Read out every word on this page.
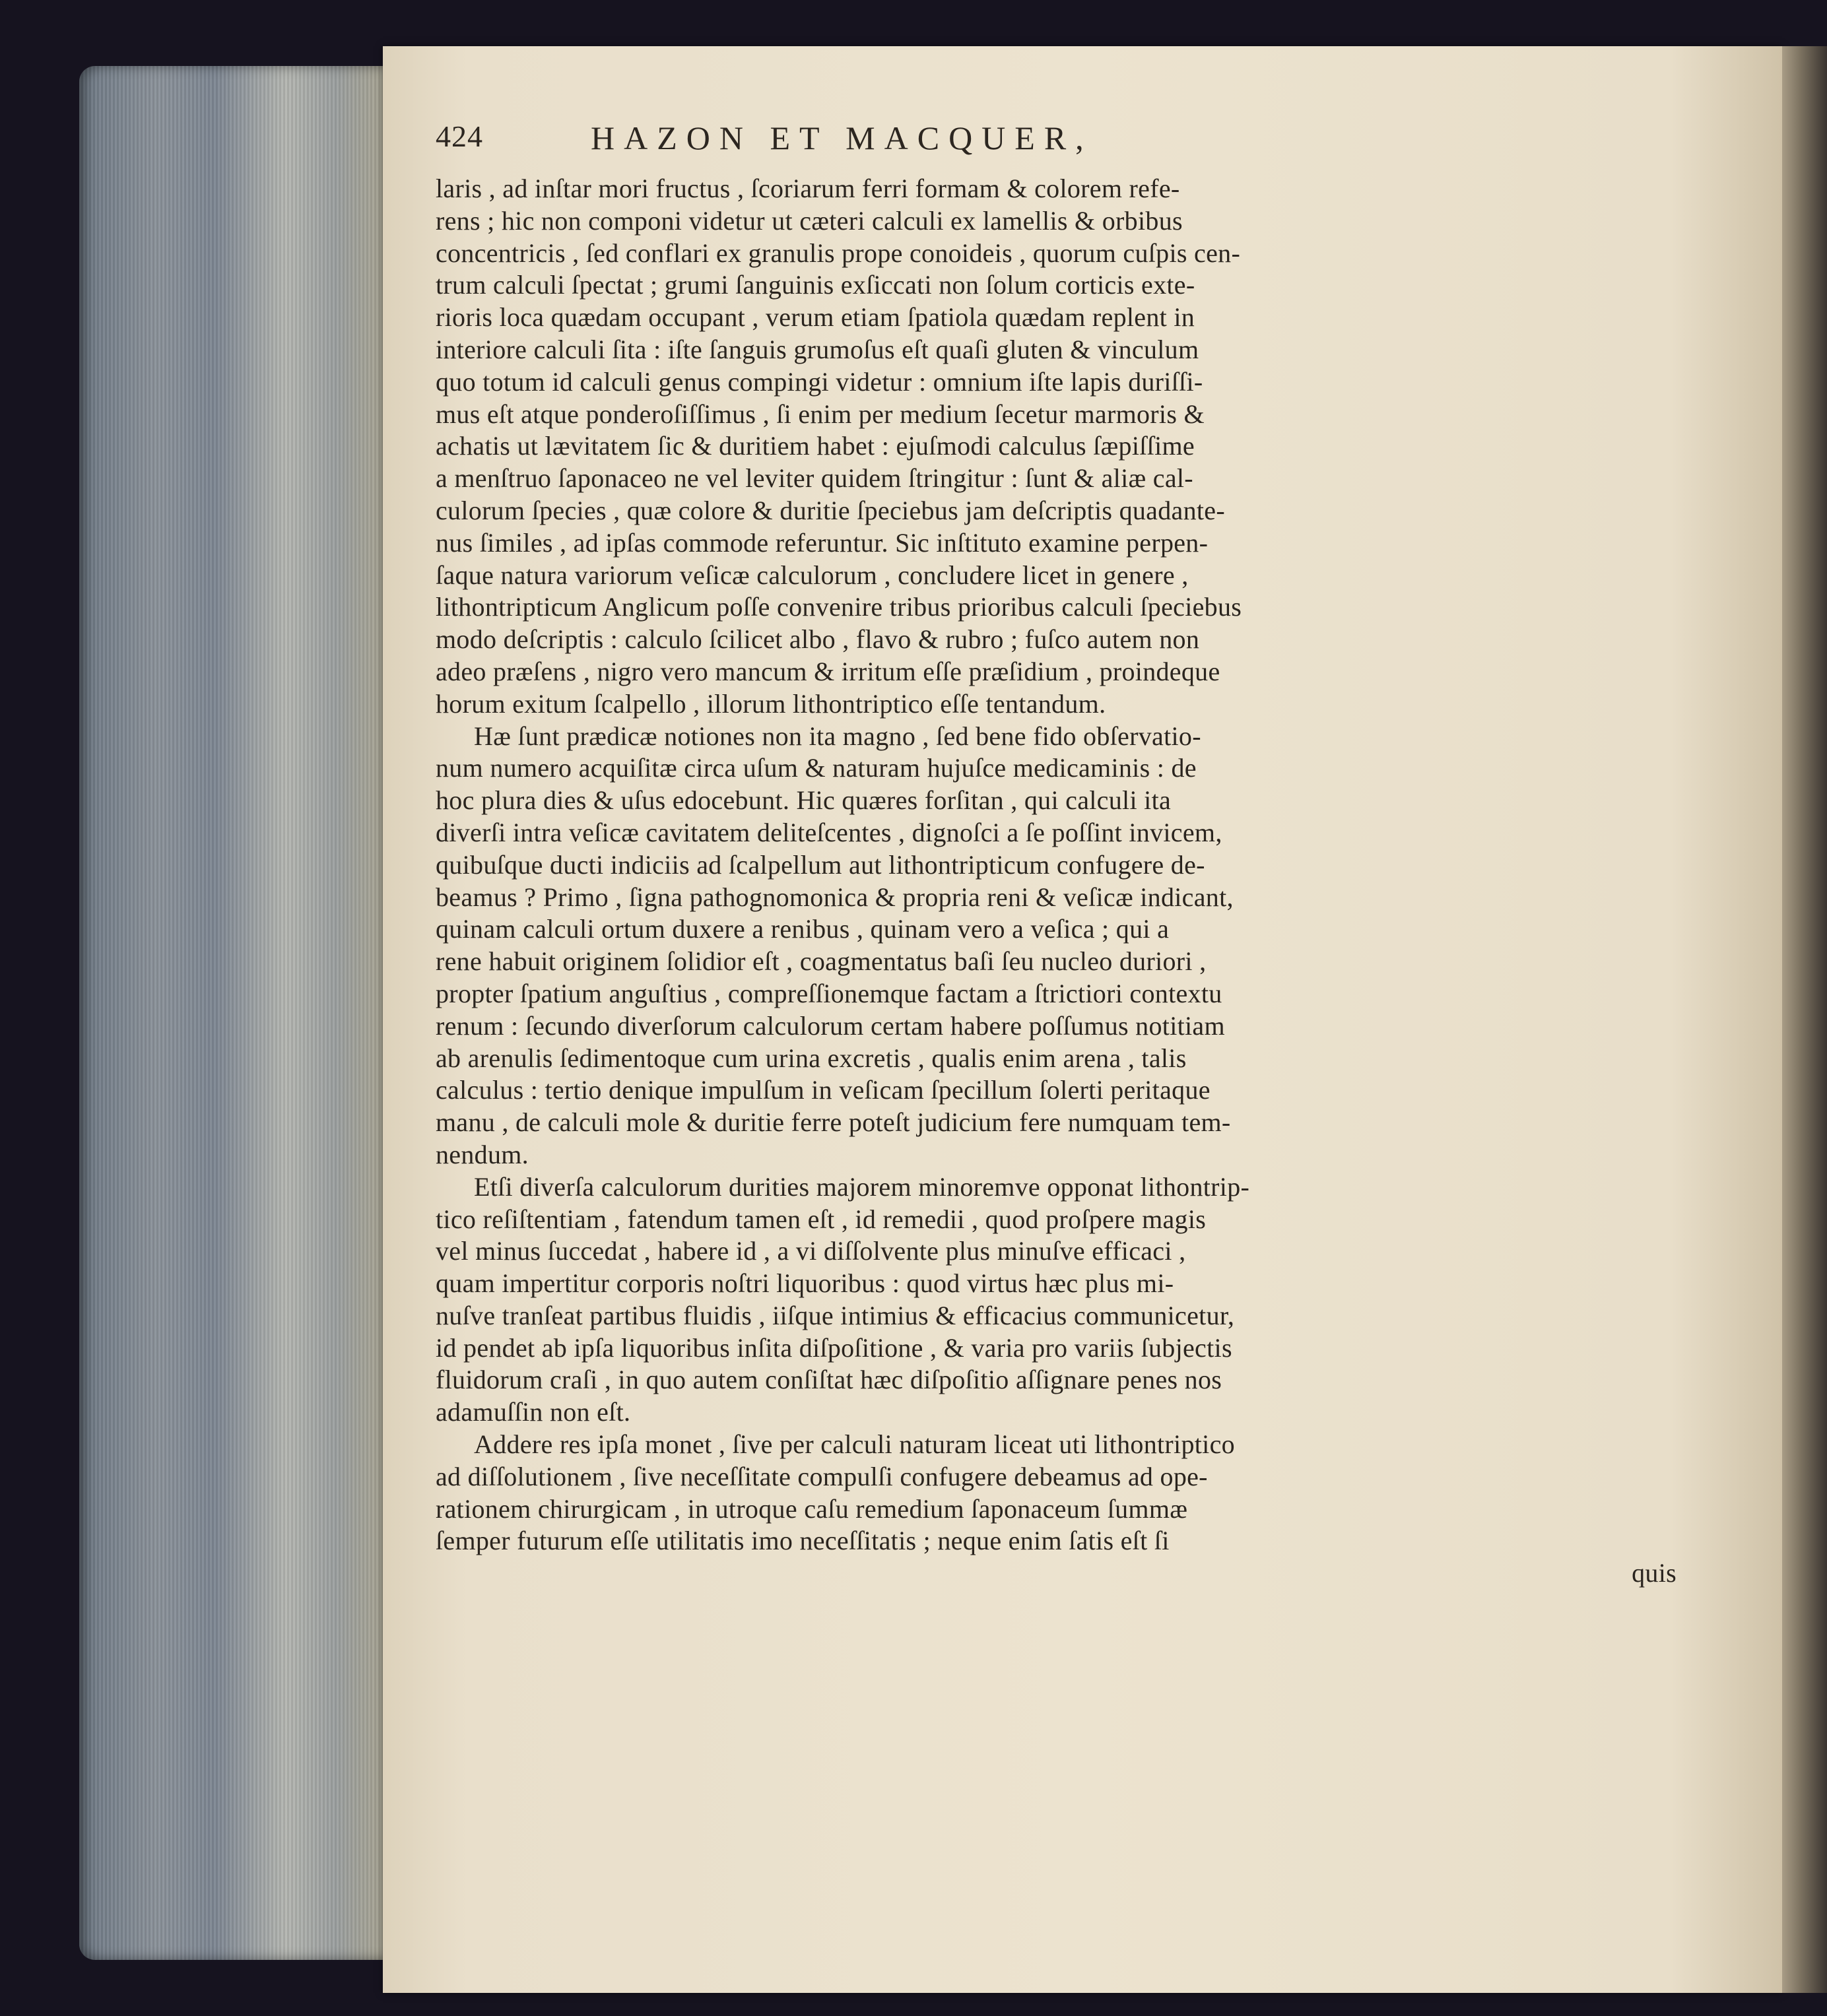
424	HAZON ET MACQUER,
laris , ad inſtar mori fructus , ſcoriarum ferri formam & colorem refe-
rens ; hic non componi videtur ut cæteri calculi ex lamellis & orbibus
concentricis , ſed conflari ex granulis prope conoideis , quorum cuſpis cen-
trum calculi ſpectat ; grumi ſanguinis exſiccati non ſolum corticis exte-
rioris loca quædam occupant , verum etiam ſpatiola quædam replent in
interiore calculi ſita : iſte ſanguis grumoſus eſt quaſi gluten & vinculum
quo totum id calculi genus compingi videtur : omnium iſte lapis duriſſi-
mus eſt atque ponderoſiſſimus , ſi enim per medium ſecetur marmoris &
achatis ut lævitatem ſic & duritiem habet : ejuſmodi calculus ſæpiſſime
a menſtruo ſaponaceo ne vel leviter quidem ſtringitur : ſunt & aliæ cal-
culorum ſpecies , quæ colore & duritie ſpeciebus jam deſcriptis quadante-
nus ſimiles , ad ipſas commode referuntur. Sic inſtituto examine perpen-
ſaque natura variorum veſicæ calculorum , concludere licet in genere ,
lithontripticum Anglicum poſſe convenire tribus prioribus calculi ſpeciebus
modo deſcriptis : calculo ſcilicet albo , flavo & rubro ; fuſco autem non
adeo præſens , nigro vero mancum & irritum eſſe præſidium , proindeque
horum exitum ſcalpello , illorum lithontriptico eſſe tentandum.
Hæ ſunt prædicæ notiones non ita magno , ſed bene fido obſervatio-
num numero acquiſitæ circa uſum & naturam hujuſce medicaminis : de
hoc plura dies & uſus edocebunt. Hic quæres forſitan , qui calculi ita
diverſi intra veſicæ cavitatem deliteſcentes , dignoſci a ſe poſſint invicem,
quibuſque ducti indiciis ad ſcalpellum aut lithontripticum confugere de-
beamus ? Primo , ſigna pathognomonica & propria reni & veſicæ indicant,
quinam calculi ortum duxere a renibus , quinam vero a veſica ; qui a
rene habuit originem ſolidior eſt , coagmentatus baſi ſeu nucleo duriori ,
propter ſpatium anguſtius , compreſſionemque factam a ſtrictiori contextu
renum : ſecundo diverſorum calculorum certam habere poſſumus notitiam
ab arenulis ſedimentoque cum urina excretis , qualis enim arena , talis
calculus : tertio denique impulſum in veſicam ſpecillum ſolerti peritaque
manu , de calculi mole & duritie ferre poteſt judicium fere numquam tem-
nendum.
Etſi diverſa calculorum durities majorem minoremve opponat lithontrip-
tico reſiſtentiam , fatendum tamen eſt , id remedii , quod proſpere magis
vel minus ſuccedat , habere id , a vi diſſolvente plus minuſve efficaci ,
quam impertitur corporis noſtri liquoribus : quod virtus hæc plus mi-
nuſve tranſeat partibus fluidis , iiſque intimius & efficacius communicetur,
id pendet ab ipſa liquoribus inſita diſpoſitione , & varia pro variis ſubjectis
fluidorum craſi , in quo autem conſiſtat hæc diſpoſitio aſſignare penes nos
adamuſſin non eſt.
Addere res ipſa monet , ſive per calculi naturam liceat uti lithontriptico
ad diſſolutionem , ſive neceſſitate compulſi confugere debeamus ad ope-
rationem chirurgicam , in utroque caſu remedium ſaponaceum ſummæ
ſemper futurum eſſe utilitatis imo neceſſitatis ; neque enim ſatis eſt ſi
quis
